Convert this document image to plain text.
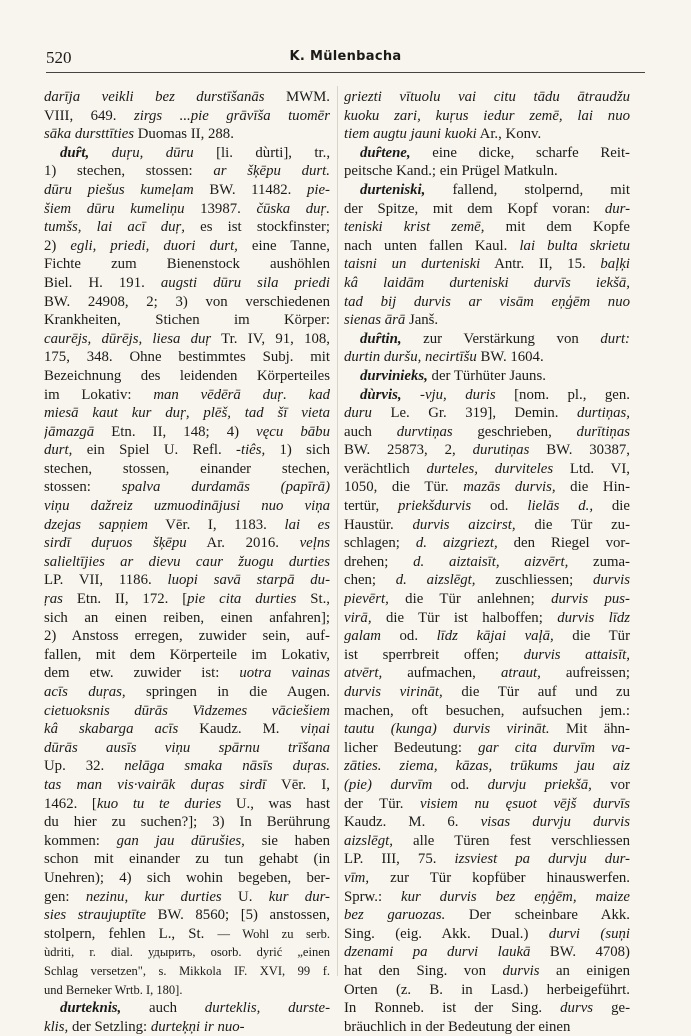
520	K. Mülenbacha
darīja veikli bez durstīšanās MWM.
VIII, 649. zirgs ...pie grāvīša tuomēr
sāka dursttīties Duomas II, 288.
duȓt, duŗu, dūru [li. dùrti], tr.,
1) stechen, stossen: ar šķēpu durt.
dūru piešus kumeļam BW. 11482. pie-
šiem dūru kumeliņu 13987. čūska duŗ.
tumšs, lai acī duŗ, es ist stockfinster;
2) egli, priedi, duori durt, eine Tanne,
Fichte zum Bienenstock aushöhlen
Biel. H. 191. augsti dūru sila priedi
BW. 24908, 2; 3) von verschiedenen
Krankheiten, Stichen im Körper:
caurējs, dūrējs, liesa duŗ Tr. IV, 91, 108,
175, 348. Ohne bestimmtes Subj. mit
Bezeichnung des leidenden Körperteiles
im Lokativ: man vēdērā duŗ. kad
miesā kaut kur duŗ, plēš, tad šī vieta
jāmazgā Etn. II, 148; 4) vęcu bābu
durt, ein Spiel U. Refl. -tiês, 1) sich
stechen, stossen, einander stechen,
stossen: spalva durdamās (papīrā)
viņu dažreiz uzmuodinājusi nuo viņa
dzejas sapņiem Vēr. I, 1183. lai es
sirdī duŗuos šķēpu Ar. 2016. veļns
salieltījies ar dievu caur žuogu durties
LP. VII, 1186. luopi savā starpā du-
ŗas Etn. II, 172. [pie cita durties St.,
sich an einen reiben, einen anfahren];
2) Anstoss erregen, zuwider sein, auf-
fallen, mit dem Körperteile im Lokativ,
dem etw. zuwider ist: uotra vainas
acīs duŗas, springen in die Augen.
cietuoksnis dūrās Vidzemes vāciešiem
kâ skabarga acīs Kaudz. M. viņai
dūrās ausīs viņu spārnu trīšana
Up. 32. nelāga smaka nāsīs duŗas.
tas man vis·vairāk duŗas sirdī Vēr. I,
1462. [kuo tu te duries U., was hast
du hier zu suchen?]; 3) In Berührung
kommen: gan jau dūrušies, sie haben
schon mit einander zu tun gehabt (in
Unehren); 4) sich wohin begeben, ber-
gen: nezinu, kur durties U. kur dur-
sies straujuptīte BW. 8560; [5) anstossen,
stolpern, fehlen L., St. — Wohl zu serb.
ùdriti, r. dial. удырить, osorb. dyrić „einen
Schlag versetzen", s. Mikkola IF. XVI, 99 f.
und Berneker Wrtb. I, 180].
durteknis, auch durteklis, durste-
klis, der Setzling: durteķņi ir nuo-
griezti vītuolu vai citu tādu ātraudžu
kuoku zari, kuŗus iedur zemē, lai nuo
tiem augtu jauni kuoki Ar., Konv.
duȓtene, eine dicke, scharfe Reit-
peitsche Kand.; ein Prügel Matkuln.
durteniski, fallend, stolpernd, mit
der Spitze, mit dem Kopf voran: dur-
teniski krist zemē, mit dem Kopfe
nach unten fallen Kaul. lai bulta skrietu
taisni un durteniski Antr. II, 15. baļķi
kâ laidām durteniski durvīs iekšā,
tad bij durvis ar visām eņģēm nuo
sienas ārā Janš.
duȓtin, zur Verstärkung von durt:
durtin duršu, necirtīšu BW. 1604.
durvinieks, der Türhüter Jauns.
dùrvis, -vju, duris [nom. pl., gen.
duru Le. Gr. 319], Demin. durtiņas,
auch durvtiņas geschrieben, durītiņas
BW. 25873, 2, durutiņas BW. 30387,
verächtlich durteles, durviteles Ltd. VI,
1050, die Tür. mazās durvis, die Hin-
tertür, priekšdurvis od. lielās d., die
Haustür. durvis aizcirst, die Tür zu-
schlagen; d. aizgriezt, den Riegel vor-
drehen; d. aiztaisīt, aizvērt, zuma-
chen; d. aizslēgt, zuschliessen; durvis
pievērt, die Tür anlehnen; durvis pus-
virā, die Tür ist halboffen; durvis līdz
galam od. līdz kājai vaļā, die Tür
ist sperrbreit offen; durvis attaisīt,
atvērt, aufmachen, atraut, aufreissen;
durvis virināt, die Tür auf und zu
machen, oft besuchen, aufsuchen jem.:
tautu (kunga) durvis virināt. Mit ähn-
licher Bedeutung: gar cita durvīm va-
zāties. ziema, kāzas, trūkums jau aiz
(pie) durvīm od. durvju priekšā, vor
der Tür. visiem nu ęsuot vējš durvīs
Kaudz. M. 6. visas durvju durvis
aizslēgt, alle Türen fest verschliessen
LP. III, 75. izsviest pa durvju dur-
vīm, zur Tür kopfüber hinauswerfen.
Sprw.: kur durvis bez eņģēm, maize
bez garuozas. Der scheinbare Akk.
Sing. (eig. Akk. Dual.) durvi (suņi
dzenami pa durvi laukā BW. 4708)
hat den Sing. von durvis an einigen
Orten (z. B. in Lasd.) herbeigeführt.
In Ronneb. ist der Sing. durvs ge-
bräuchlich in der Bedeutung der einen
